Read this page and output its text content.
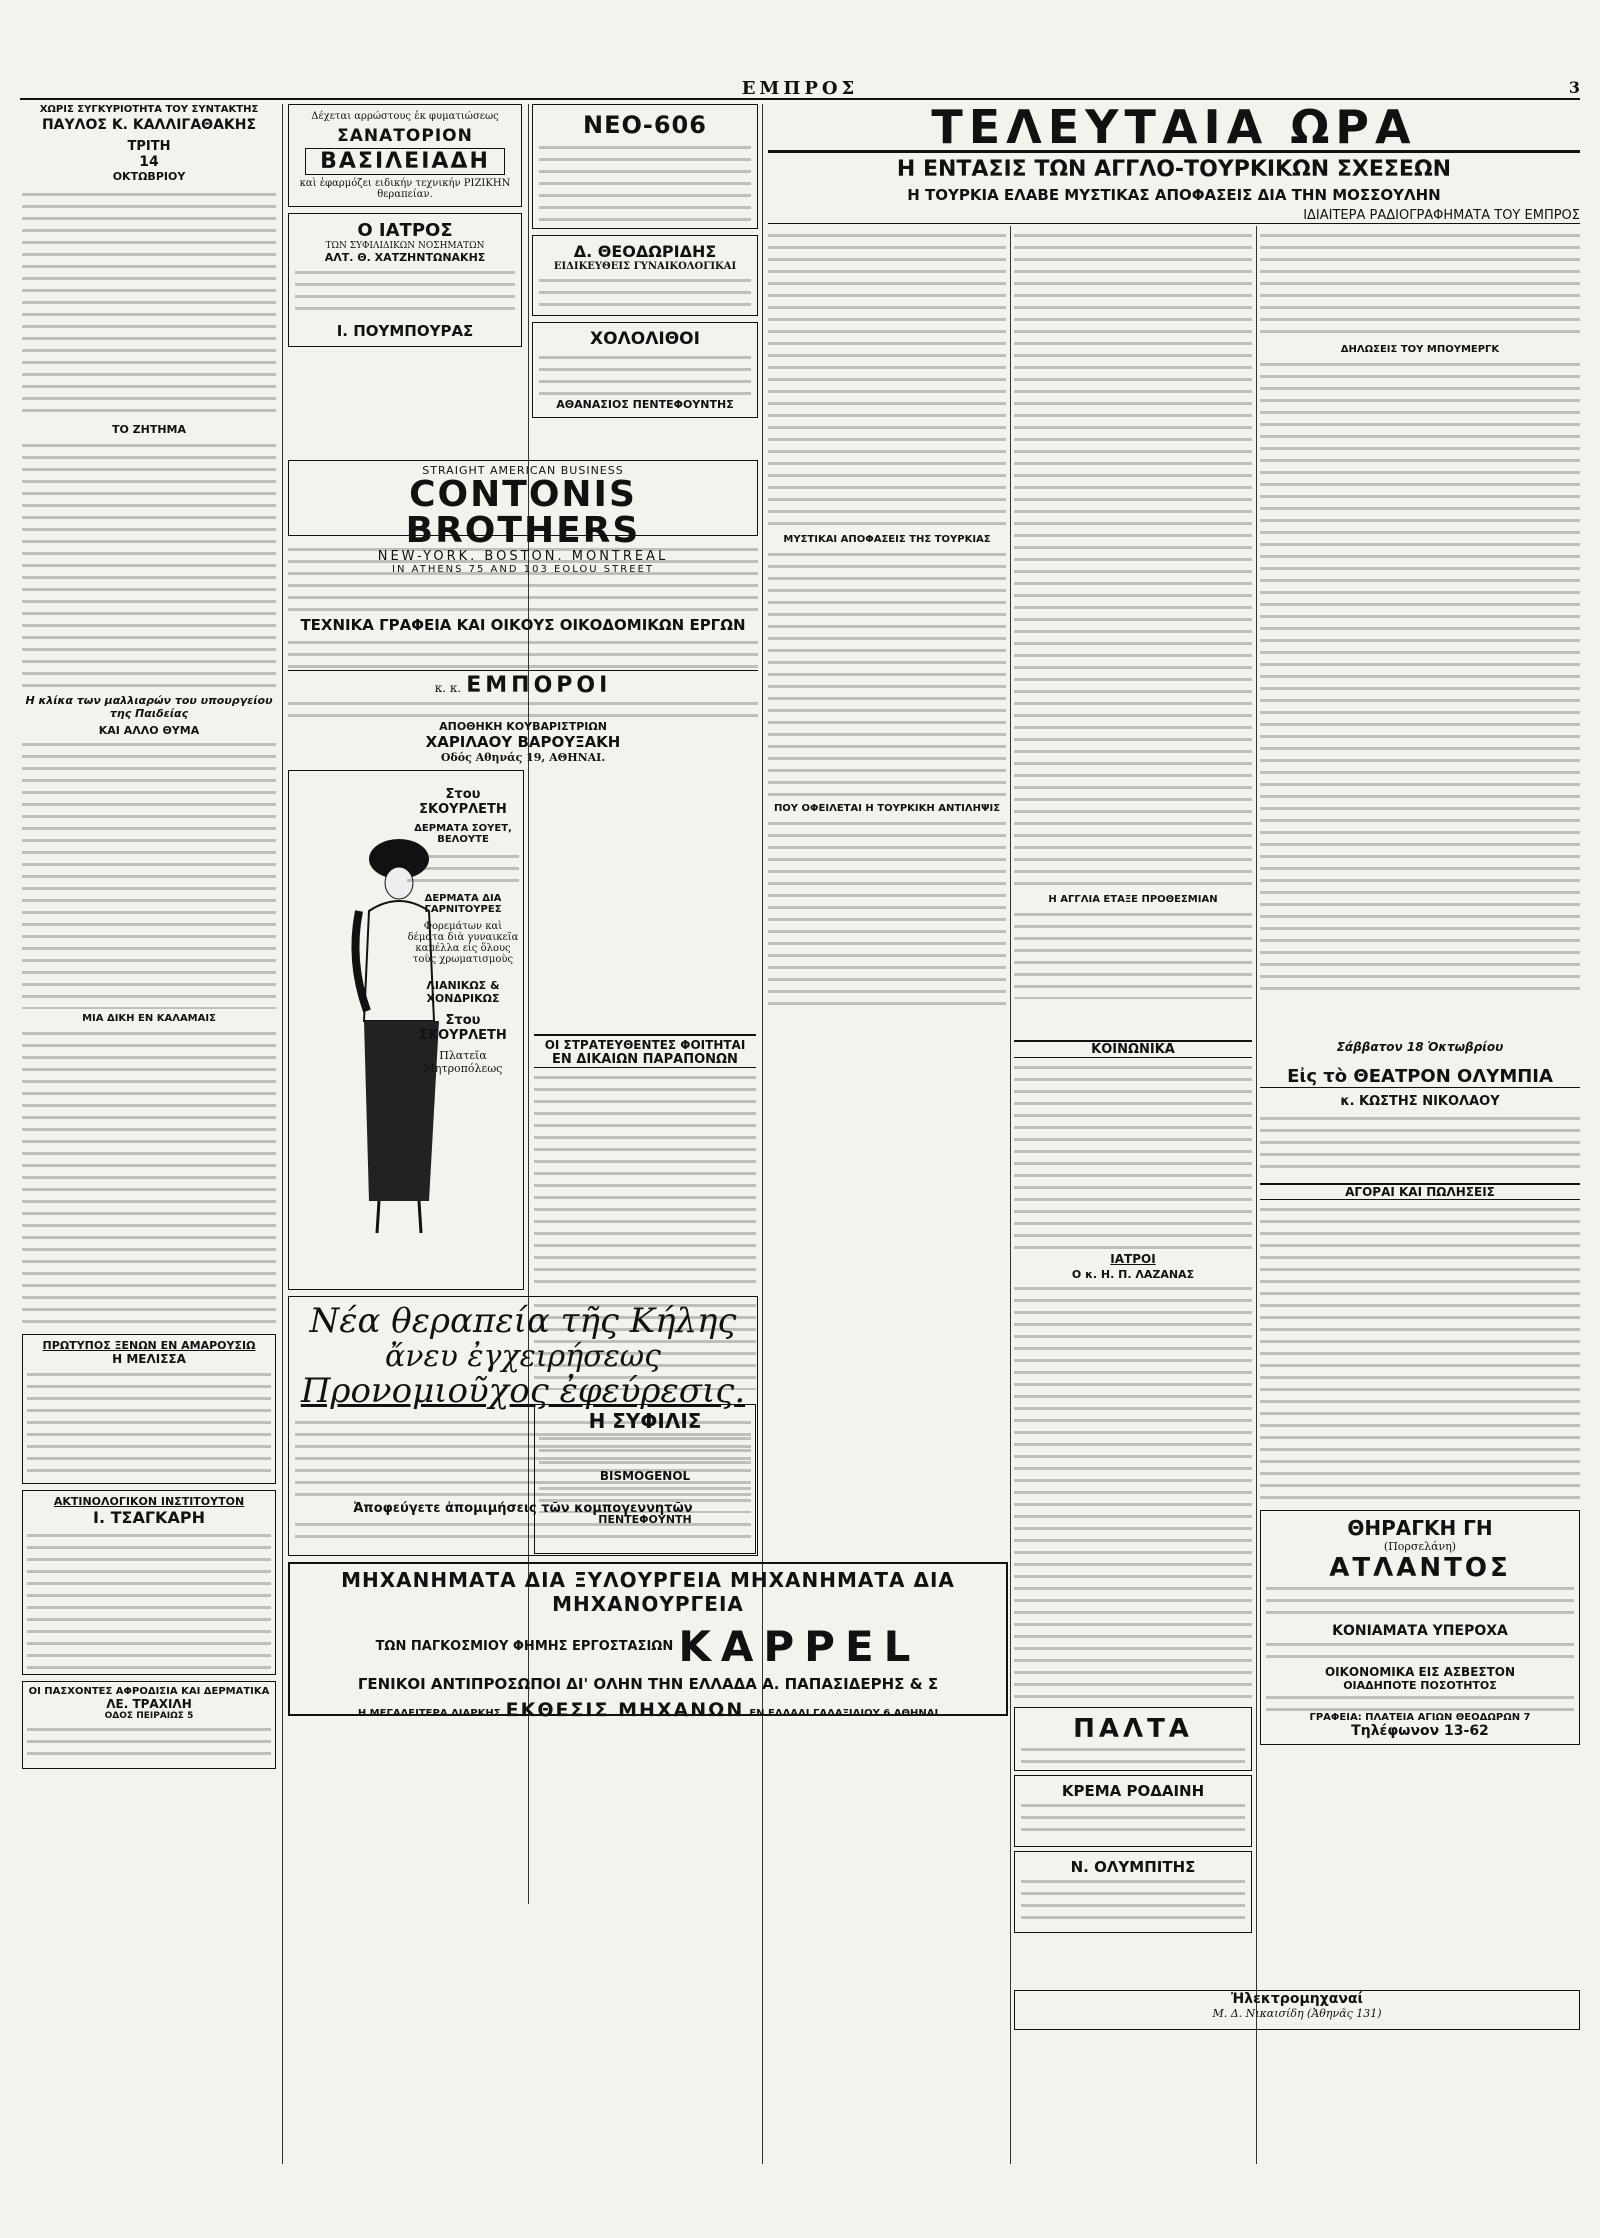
ΕΜΠΡΟΣ	3
ΧΩΡΙΣ ΣΥΓΚΥΡΙΟΤΗΤΑ ΤΟΥ ΣΥΝΤΑΚΤΗΣ
ΠΑΥΛΟΣ Κ. ΚΑΛΛΙΓΑΘΑΚΗΣ
ΤΡΙΤΗ
14
ΟΚΤΩΒΡΙΟΥ
ΤΟ ΖΗΤΗΜΑ
Η κλίκα των μαλλιαρών του υπουργείου της Παιδείας
ΚΑΙ ΑΛΛΟ ΘΥΜΑ
ΜΙΑ ΔΙΚΗ ΕΝ ΚΑΛΑΜΑΙΣ
ΠΡΩΤΥΠΟΣ ΞΕΝΩΝ ΕΝ ΑΜΑΡΟΥΣΙΩ
Η ΜΕΛΙΣΣΑ
ΑΚΤΙΝΟΛΟΓΙΚΟΝ ΙΝΣΤΙΤΟΥΤΟΝ
Ι. ΤΣΑΓΚΑΡΗ
ΟΙ ΠΑΣΧΟΝΤΕΣ ΑΦΡΟΔΙΣΙΑ ΚΑΙ ΔΕΡΜΑΤΙΚΑ
ΛΕ. ΤΡΑΧΙΛΗ
ΟΔΟΣ ΠΕΙΡΑΙΩΣ 5
Δέχεται αρρώστους ἐκ φυματιώσεως
ΣΑΝΑΤΟΡΙΟΝ
ΒΑΣΙΛΕΙΑΔΗ
καὶ ἐφαρμόζει ειδικήν τεχνικήν ΡΙΖΙΚΗΝ θεραπείαν.
Ο ΙΑΤΡΟΣ
ΤΩΝ ΣΥΦΙΛΙΔΙΚΩΝ ΝΟΣΗΜΑΤΩΝ
ΑΛΤ. Θ. ΧΑΤΖΗΝΤΩΝΑΚΗΣ
Ι. ΠΟΥΜΠΟΥΡΑΣ
ΝΕΟ-606
Δ. ΘΕΟΔΩΡΙΔΗΣ
ΕΙΔΙΚΕΥΘΕΙΣ ΓΥΝΑΙΚΟΛΟΓΙΚΑΙ
ΧΟΛΟΛΙΘΟΙ
ΑΘΑΝΑΣΙΟΣ ΠΕΝΤΕΦΟΥΝΤΗΣ
STRAIGHT AMERICAN BUSINESS
CONTONIS BROTHERS
NEW-YORK. BOSTON. MONTREAL
IN ATHENS 75 AND 103 EOLOU STREET
ΤΕΧΝΙΚΑ ΓΡΑΦΕΙΑ ΚΑΙ ΟΙΚΟΥΣ ΟΙΚΟΔΟΜΙΚΩΝ ΕΡΓΩΝ
κ. κ. ΕΜΠΟΡΟΙ
ΑΠΟΘΗΚΗ ΚΟΥΒΑΡΙΣΤΡΙΩΝ
ΧΑΡΙΛΑΟΥ ΒΑΡΟΥΞΑΚΗ
Οδός Αθηνάς 19, ΑΘΗΝΑΙ.
Στου ΣΚΟΥΡΛΕΤΗ
ΔΕΡΜΑΤΑ ΣΟΥΕΤ, ΒΕΛΟΥΤΕ
ΔΕΡΜΑΤΑ ΔΙΑ ΓΑΡΝΙΤΟΥΡΕΣ
Φορεμάτων καὶ δέματα διὰ γυναικεῖα καπέλλα εἰς ὅλους τοὺς χρωματισμοὺς
ΛΙΑΝΙΚΩΣ & ΧΟΝΔΡΙΚΩΣ
Στου ΣΚΟΥΡΛΕΤΗ
Πλατεῖα Μητροπόλεως
Νέα θεραπεία τῆς Κήλης
ἄνευ ἐγχειρήσεως
Προνομιοῦχος ἐφεύρεσις.
Ἀποφεύγετε ἀπομιμήσεις τῶν κομπογεννητῶν
ΟΙ ΣΤΡΑΤΕΥΘΕΝΤΕΣ ΦΟΙΤΗΤΑΙ
ΕΝ ΔΙΚΑΙΩΝ ΠΑΡΑΠΟΝΩΝ
Η ΣΥΦΙΛΙΣ
BISMOGENOL
ΠΕΝΤΕΦΟΥΝΤΗ
ΤΕΛΕΥΤΑΙΑ ΩΡΑ
Η ΕΝΤΑΣΙΣ ΤΩΝ ΑΓΓΛΟ-ΤΟΥΡΚΙΚΩΝ ΣΧΕΣΕΩΝ
Η ΤΟΥΡΚΙΑ ΕΛΑΒΕ ΜΥΣΤΙΚΑΣ ΑΠΟΦΑΣΕΙΣ ΔΙΑ ΤΗΝ ΜΟΣΣΟΥΛΗΝ
ΙΔΙΑΙΤΕΡΑ ΡΑΔΙΟΓΡΑΦΗΜΑΤΑ ΤΟΥ ΕΜΠΡΟΣ
ΜΥΣΤΙΚΑΙ ΑΠΟΦΑΣΕΙΣ ΤΗΣ ΤΟΥΡΚΙΑΣ
ΠΟΥ ΟΦΕΙΛΕΤΑΙ Η ΤΟΥΡΚΙΚΗ ΑΝΤΙΛΗΨΙΣ
Η ΑΓΓΛΙΑ ΕΤΑΞΕ ΠΡΟΘΕΣΜΙΑΝ
ΔΗΛΩΣΕΙΣ ΤΟΥ ΜΠΟΥΜΕΡΓΚ
ΚΟΙΝΩΝΙΚΑ
ΙΑΤΡΟΙ
Ο κ. Η. Π. ΛΑΖΑΝΑΣ
ΠΑΛΤΑ
ΚΡΕΜΑ ΡΟΔΑΙΝΗ
Ν. ΟΛΥΜΠΙΤΗΣ
Σάββατον 18 Ὀκτωβρίου
Εἰς τὸ ΘΕΑΤΡΟΝ ΟΛΥΜΠΙΑ
κ. ΚΩΣΤΗΣ ΝΙΚΟΛΑΟΥ
ΑΓΟΡΑΙ ΚΑΙ ΠΩΛΗΣΕΙΣ
ΘΗΡΑΓΚΗ ΓΗ
(Πορσελάνη)
ΑΤΛΑΝΤΟΣ
ΚΟΝΙΑΜΑΤΑ ΥΠΕΡΟΧΑ
ΟΙΚΟΝΟΜΙΚΑ ΕΙΣ ΑΣΒΕΣΤΟΝ
ΟΙΑΔΗΠΟΤΕ ΠΟΣΟΤΗΤΟΣ
ΓΡΑΦΕΙΑ: ΠΛΑΤΕΙΑ ΑΓΙΩΝ ΘΕΟΔΩΡΩΝ 7
Τηλέφωνον 13-62
Ἠλεκτρομηχαναί
Μ. Δ. Νικαισίδη (Ἀθηνᾶς 131)
ΜΗΧΑΝΗΜΑΤΑ ΔΙΑ ΞΥΛΟΥΡΓΕΙΑ ΜΗΧΑΝΗΜΑΤΑ ΔΙΑ ΜΗΧΑΝΟΥΡΓΕΙΑ
ΤΩΝ ΠΑΓΚΟΣΜΙΟΥ ΦΗΜΗΣ ΕΡΓΟΣΤΑΣΙΩΝ KAPPEL
ΓΕΝΙΚΟΙ ΑΝΤΙΠΡΟΣΩΠΟΙ ΔΙ' ΟΛΗΝ ΤΗΝ ΕΛΛΑΔΑ Α. ΠΑΠΑΣΙΔΕΡΗΣ & Σ
Η ΜΕΓΑΛΕΙΤΕΡΑ ΔΙΑΡΚΗΣ ΕΚΘΕΣΙΣ ΜΗΧΑΝΩΝ ΕΝ ΕΛΛΑΔΙ ΓΑΛΑΞΙΔΙΟΥ 6 ΑΘΗΝΑΙ
